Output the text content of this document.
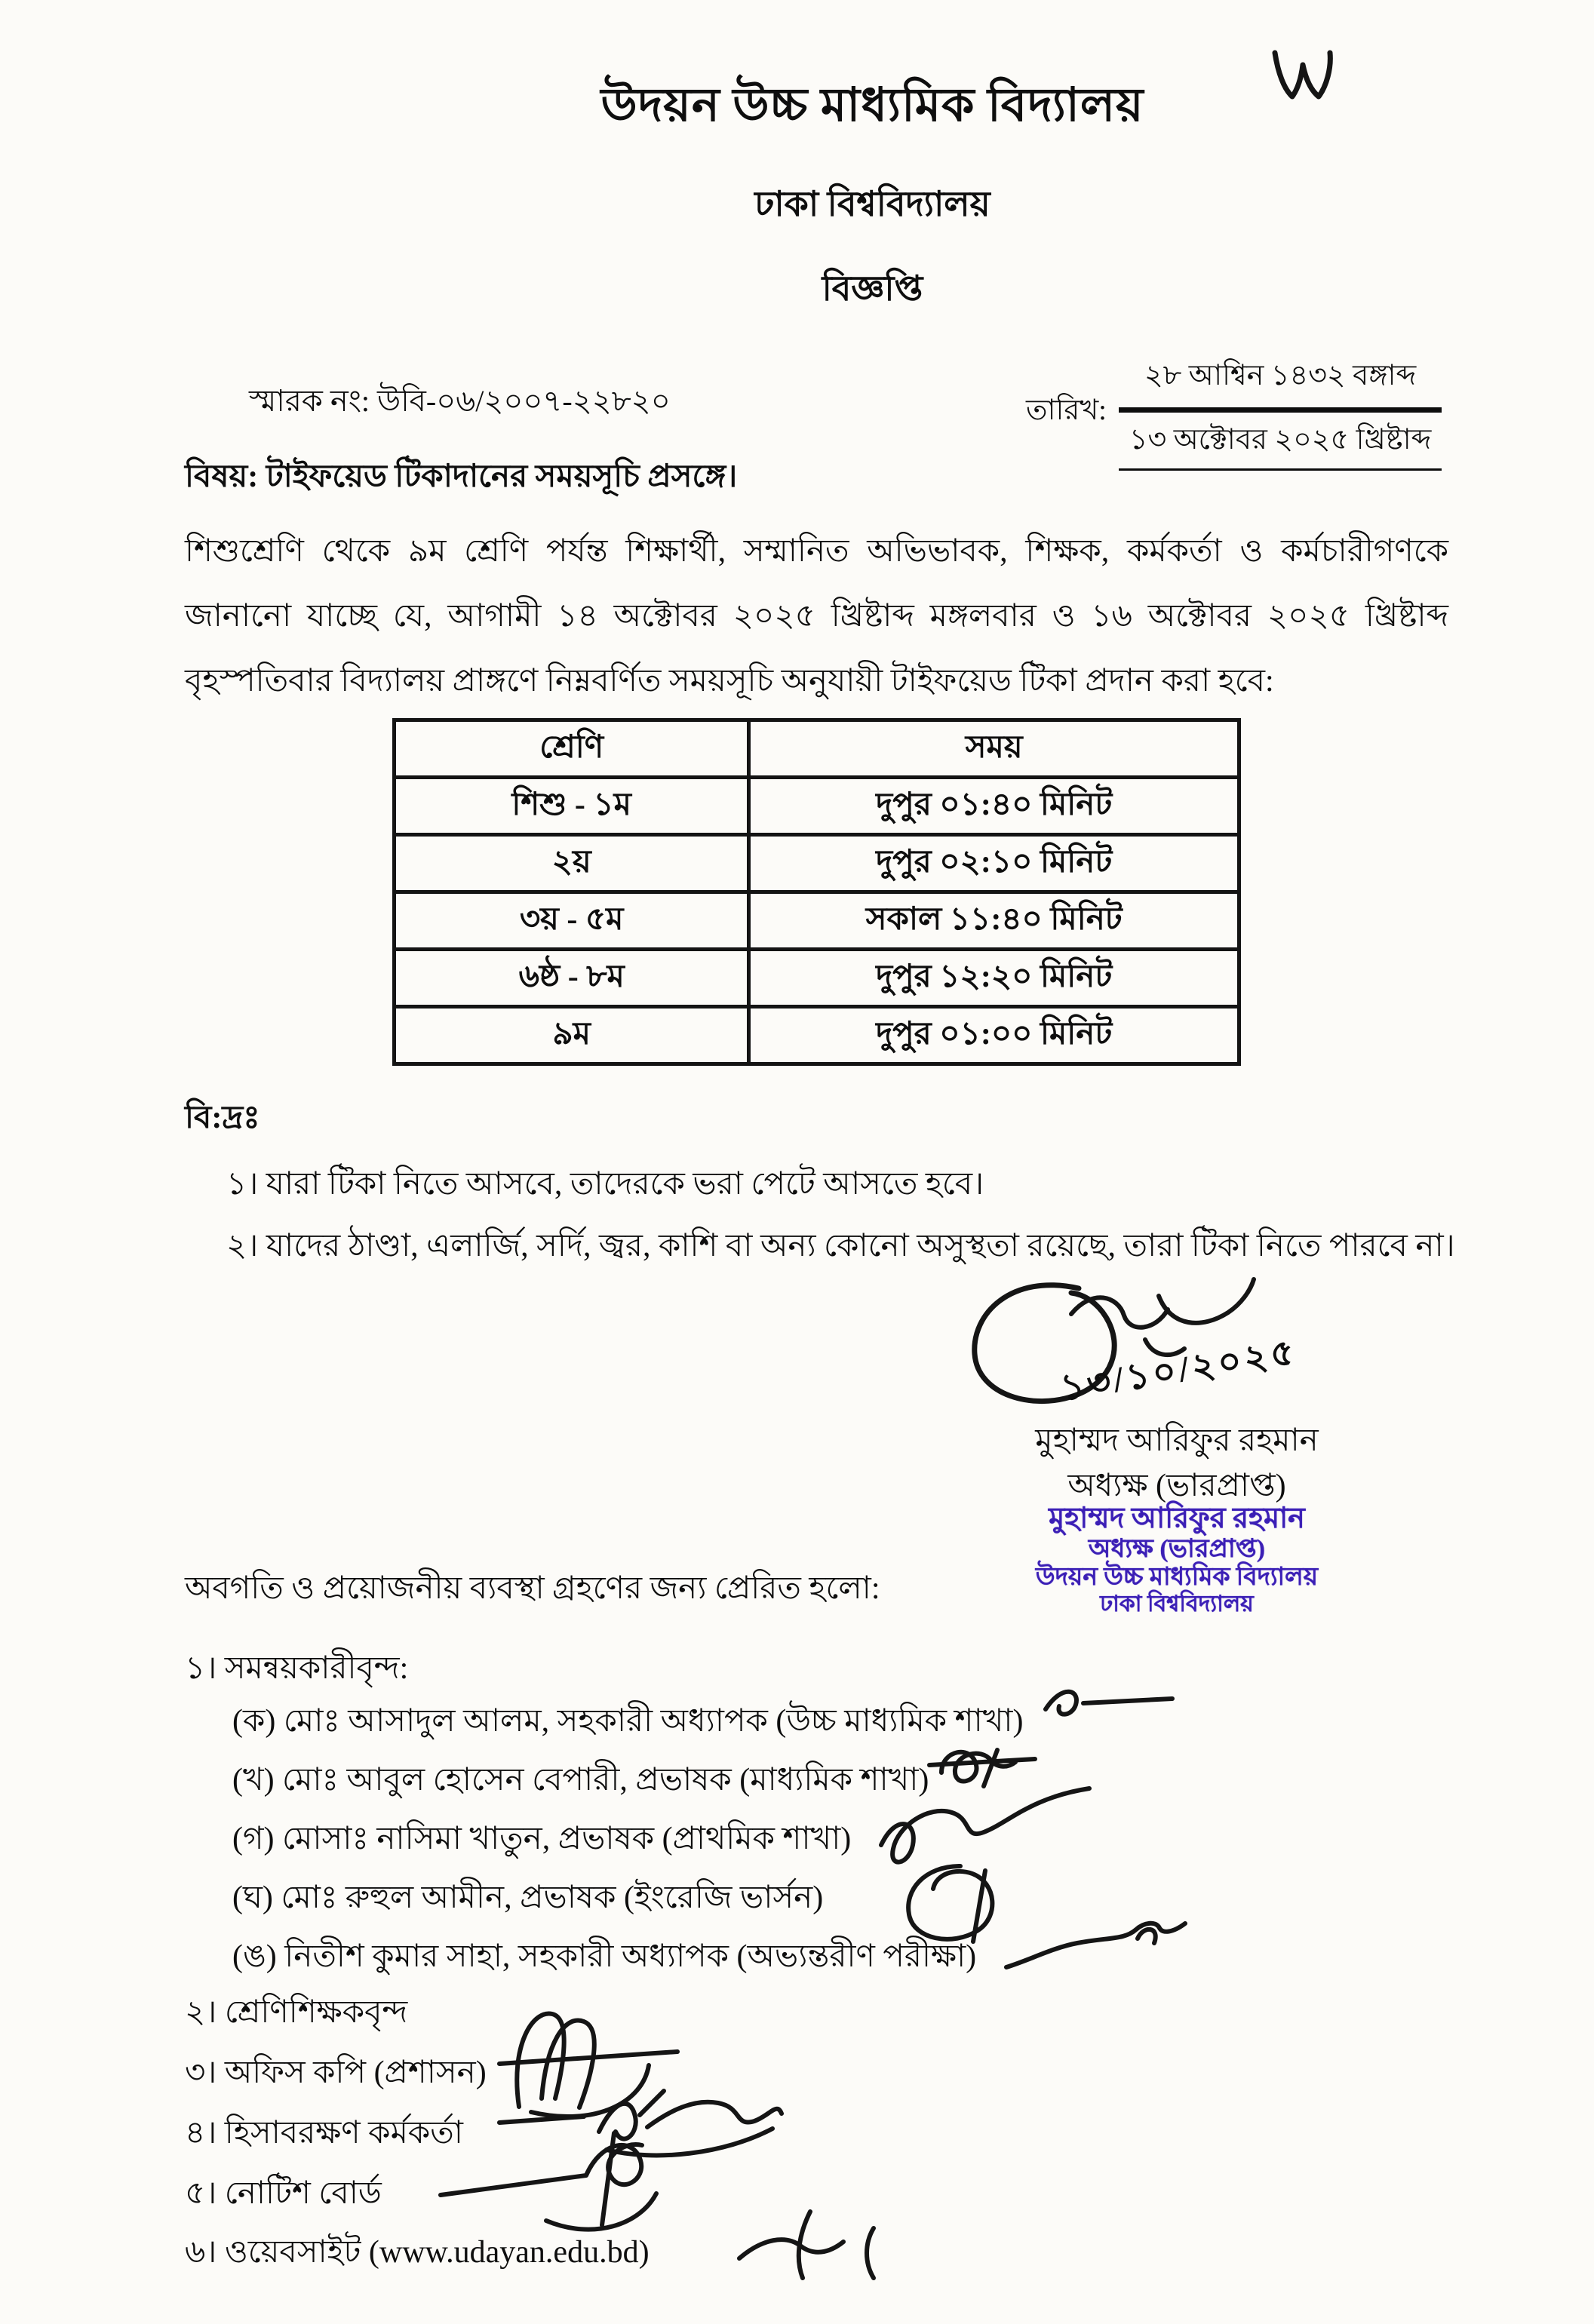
উদয়ন উচ্চ মাধ্যমিক বিদ্যালয়
ঢাকা বিশ্ববিদ্যালয়
বিজ্ঞপ্তি
স্মারক নং: উবি-০৬/২০০৭-২২৮২০	তারিখ: $\frac{\text{২৮ আশ্বিন ১৪৩২ বঙ্গাব্দ}}{\text{১৩ অক্টোবর ২০২৫ খ্রিষ্টাব্দ}}$
বিষয়: টাইফয়েড টিকাদানের সময়সূচি প্রসঙ্গে।

শিশুশ্রেণি থেকে ৯ম শ্রেণি পর্যন্ত শিক্ষার্থী, সম্মানিত অভিভাবক, শিক্ষক, কর্মকর্তা ও কর্মচারীগণকে জানানো যাচ্ছে যে, আগামী ১৪ অক্টোবর ২০২৫ খ্রিষ্টাব্দ মঙ্গলবার ও ১৬ অক্টোবর ২০২৫ খ্রিষ্টাব্দ বৃহস্পতিবার বিদ্যালয় প্রাঙ্গণে নিম্নবর্ণিত সময়সূচি অনুযায়ী টাইফয়েড টিকা প্রদান করা হবে:

শ্রেণি	সময়
শিশু - ১ম	দুপুর ০১:৪০ মিনিট
২য়	দুপুর ০২:১০ মিনিট
৩য় - ৫ম	সকাল ১১:৪০ মিনিট
৬ষ্ঠ - ৮ম	দুপুর ১২:২০ মিনিট
৯ম	দুপুর ০১:০০ মিনিট
বি:দ্রঃ
১। যারা টিকা নিতে আসবে, তাদেরকে ভরা পেটে আসতে হবে।
২। যাদের ঠাণ্ডা, এলার্জি, সর্দি, জ্বর, কাশি বা অন্য কোনো অসুস্থতা রয়েছে, তারা টিকা নিতে পারবে না।
১৩/১০/২০২৫
মুহাম্মদ আরিফুর রহমান
অধ্যক্ষ (ভারপ্রাপ্ত)
মুহাম্মদ আরিফুর রহমান
অধ্যক্ষ (ভারপ্রাপ্ত)
উদয়ন উচ্চ মাধ্যমিক বিদ্যালয়
ঢাকা বিশ্ববিদ্যালয়
অবগতি ও প্রয়োজনীয় ব্যবস্থা গ্রহণের জন্য প্রেরিত হলো:
১। সমন্বয়কারীবৃন্দ:
(ক) মোঃ আসাদুল আলম, সহকারী অধ্যাপক (উচ্চ মাধ্যমিক শাখা)
(খ) মোঃ আবুল হোসেন বেপারী, প্রভাষক (মাধ্যমিক শাখা)
(গ) মোসাঃ নাসিমা খাতুন, প্রভাষক (প্রাথমিক শাখা)
(ঘ) মোঃ রুহুল আমীন, প্রভাষক (ইংরেজি ভার্সন)
(ঙ) নিতীশ কুমার সাহা, সহকারী অধ্যাপক (অভ্যন্তরীণ পরীক্ষা)
২। শ্রেণিশিক্ষকবৃন্দ
৩। অফিস কপি (প্রশাসন)
৪। হিসাবরক্ষণ কর্মকর্তা
৫। নোটিশ বোর্ড
৬। ওয়েবসাইট (www.udayan.edu.bd)
